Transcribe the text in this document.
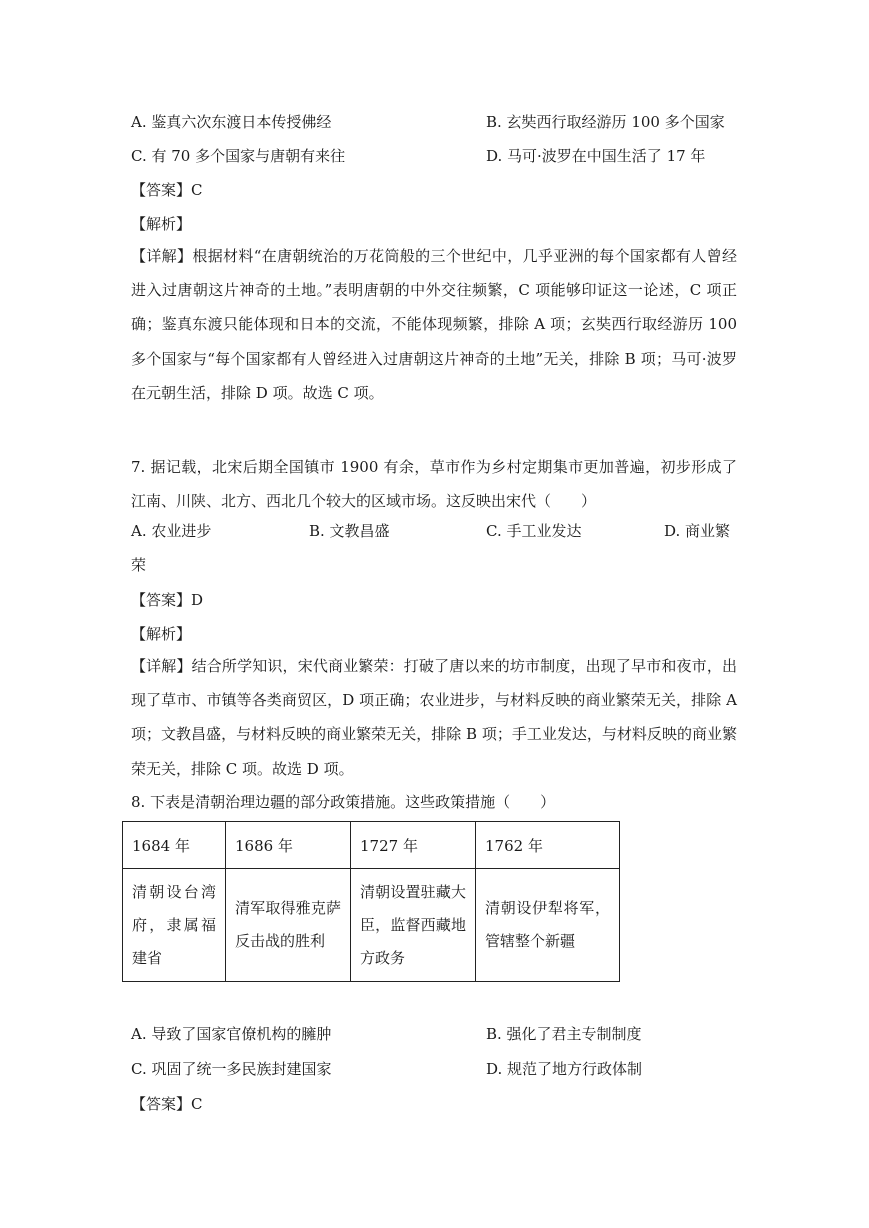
A. 鉴真六次东渡日本传授佛经	B. 玄奘西行取经游历 100 多个国家
C. 有 70 多个国家与唐朝有来往	D. 马可·波罗在中国生活了 17 年
【答案】C
【解析】

【详解】根据材料“在唐朝统治的万花筒般的三个世纪中，几乎亚洲的每个国家都有人曾经进入过唐朝这片神奇的土地。”表明唐朝的中外交往频繁，C 项能够印证这一论述，C 项正确；鉴真东渡只能体现和日本的交流，不能体现频繁，排除 A 项；玄奘西行取经游历 100 多个国家与“每个国家都有人曾经进入过唐朝这片神奇的土地”无关，排除 B 项；马可·波罗在元朝生活，排除 D 项。故选 C 项。

7. 据记载，北宋后期全国镇市 1900 有余，草市作为乡村定期集市更加普遍，初步形成了江南、川陕、北方、西北几个较大的区域市场。这反映出宋代（　　）

A. 农业进步	B. 文教昌盛	C. 手工业发达	D. 商业繁
荣
【答案】D
【解析】

【详解】结合所学知识，宋代商业繁荣：打破了唐以来的坊市制度，出现了早市和夜市，出现了草市、市镇等各类商贸区，D 项正确；农业进步，与材料反映的商业繁荣无关，排除 A 项；文教昌盛，与材料反映的商业繁荣无关，排除 B 项；手工业发达，与材料反映的商业繁荣无关，排除 C 项。故选 D 项。

8. 下表是清朝治理边疆的部分政策措施。这些政策措施（　　）
1684 年	1686 年	1727 年	1762 年

清朝设台湾府，隶属福建省	清军取得雅克萨反击战的胜利	清朝设置驻藏大臣，监督西藏地方政务	清朝设伊犁将军，管辖整个新疆
A. 导致了国家官僚机构的臃肿	B. 强化了君主专制制度
C. 巩固了统一多民族封建国家	D. 规范了地方行政体制
【答案】C
